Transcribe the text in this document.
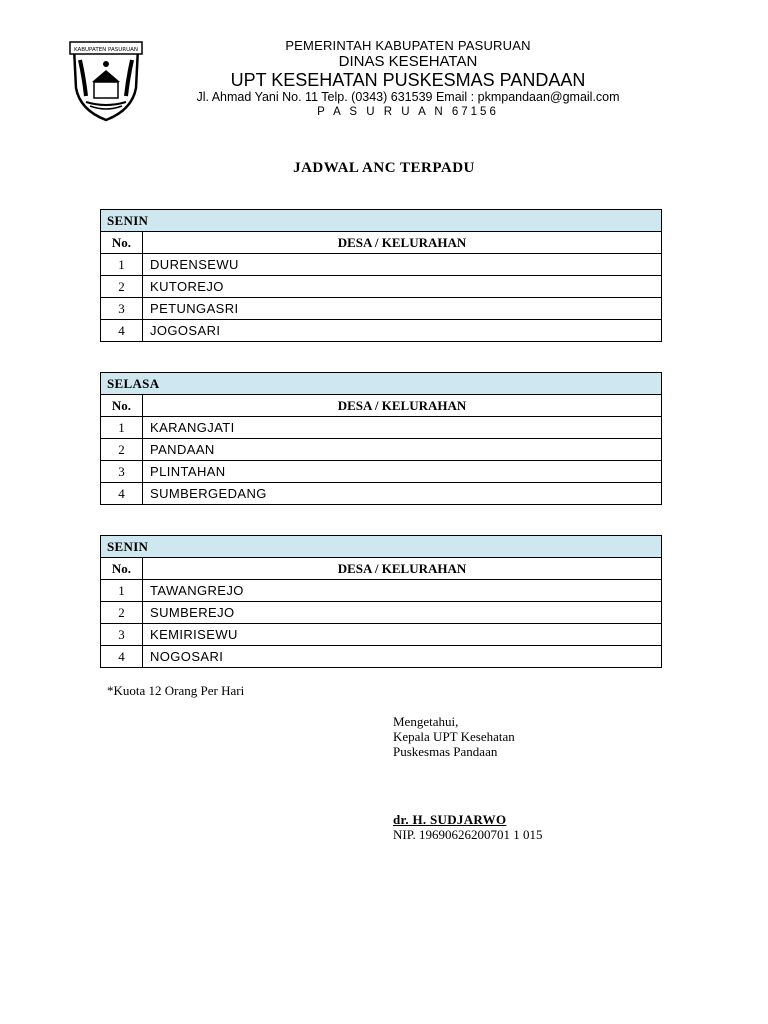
KABUPATEN PASURUAN	PEMERINTAH KABUPATEN PASURUAN
DINAS KESEHATAN
UPT KESEHATAN PUSKESMAS PANDAAN
Jl. Ahmad Yani No. 11 Telp. (0343) 631539 Email : pkmpandaan@gmail.com
P A S U R U A N 67156
JADWAL ANC TERPADU
SENIN	
No.	DESA / KELURAHAN
1	DURENSEWU
2	KUTOREJO
3	PETUNGASRI
4	JOGOSARI
SELASA	
No.	DESA / KELURAHAN
1	KARANGJATI
2	PANDAAN
3	PLINTAHAN
4	SUMBERGEDANG
SENIN	
No.	DESA / KELURAHAN
1	TAWANGREJO
2	SUMBEREJO
3	KEMIRISEWU
4	NOGOSARI
*Kuota 12 Orang Per Hari
Mengetahui,
Kepala UPT Kesehatan
Puskesmas Pandaan
dr. H. SUDJARWO
NIP. 19690626200701 1 015
